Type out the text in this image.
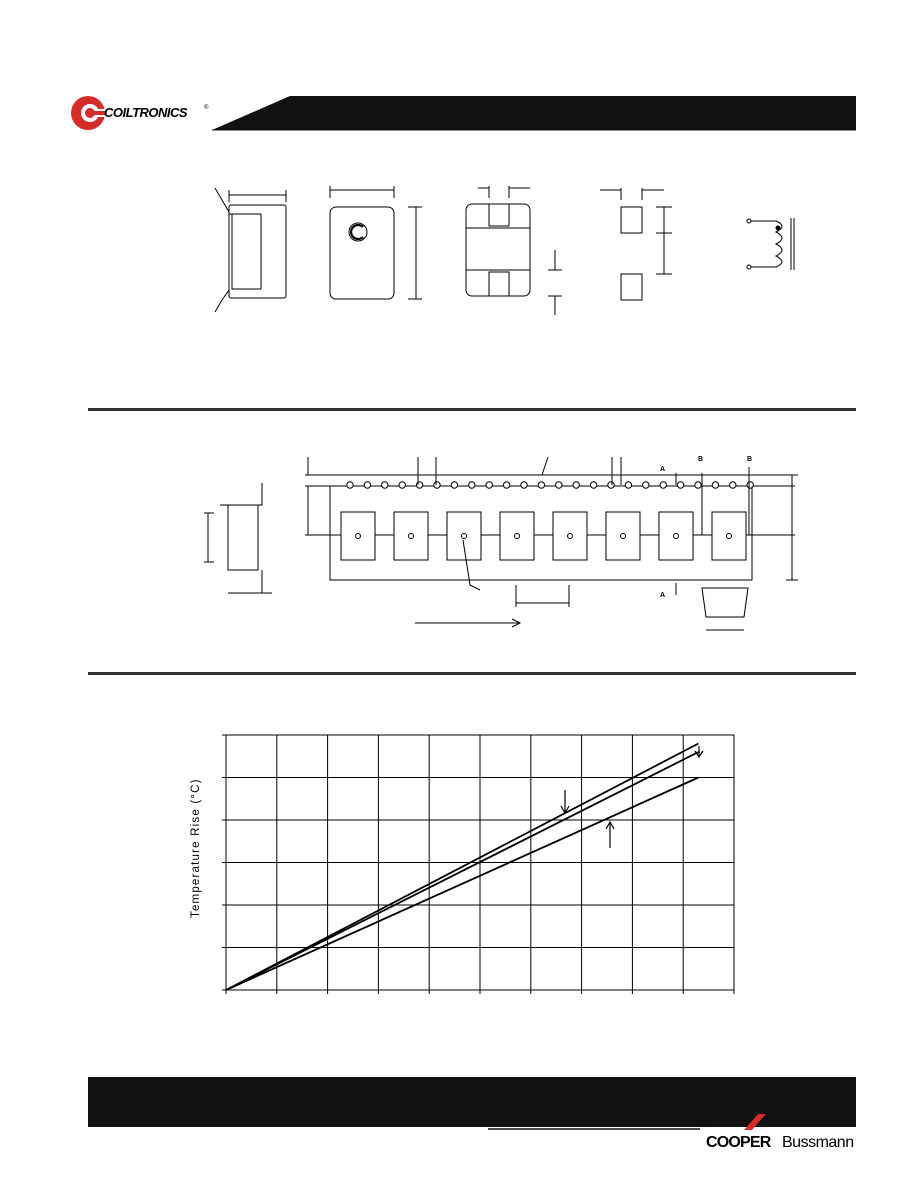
COILTRONICS	®
A
A
B	B
Temperature Rise (°C)
COOPER Bussmann
